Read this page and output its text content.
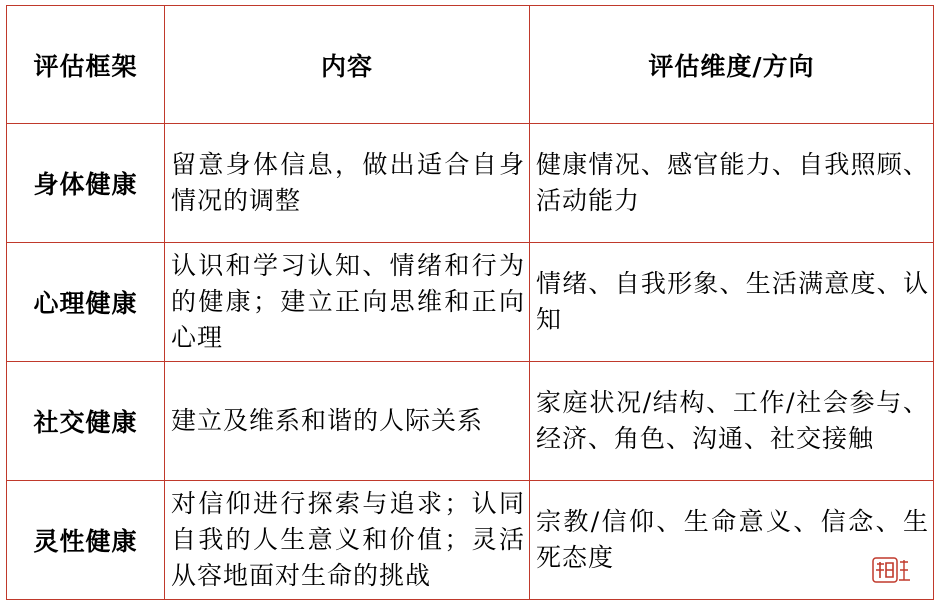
评估框架	内容	评估维度/方向
身体健康	留意身体信息，做出适合自身情况的调整	健康情况、感官能力、自我照顾、活动能力
心理健康	认识和学习认知、情绪和行为的健康；建立正向思维和正向心理	情绪、自我形象、生活满意度、认知
社交健康	建立及维系和谐的人际关系	家庭状况/结构、工作/社会参与、经济、角色、沟通、社交接触
灵性健康	对信仰进行探索与追求；认同自我的人生意义和价值；灵活从容地面对生命的挑战	宗教/信仰、生命意义、信念、生死态度
